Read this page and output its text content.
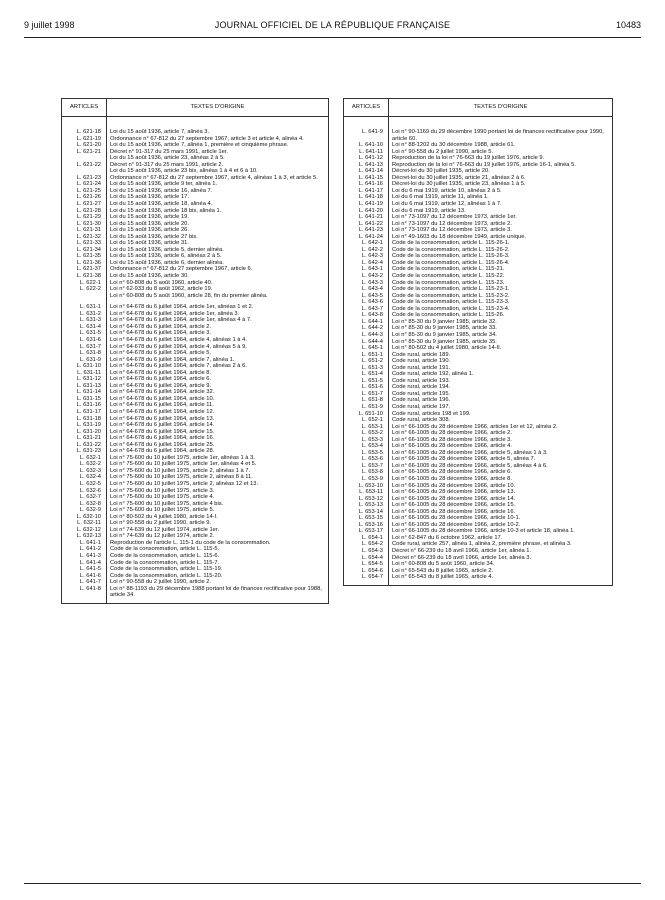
9 juillet 1998	JOURNAL OFFICIEL DE LA RÉPUBLIQUE FRANÇAISE	10483
ARTICLES	TEXTES D'ORIGINE
L. 621-18	Loi du 15 août 1936, article 7, alinéa 3.
L. 621-19	Ordonnance n° 67-812 du 27 septembre 1967, article 3 et article 4, alinéa 4.
L. 621-20	Loi du 15 août 1936, article 7, alinéa 1, première et cinquième phrase.
L. 621-21	Décret n° 91-317 du 25 mars 1991, article 1er.
	Loi du 15 août 1936, article 23, alinéas 2 à 5.
L. 621-22	Décret n° 91-317 du 25 mars 1991, article 2.
	Loi du 15 août 1936, article 23 bis, alinéas 1 à 4 et 6 à 10.
L. 621-23	Ordonnance n° 67-812 du 27 septembre 1967, article 4, alinéas 1 à 3, et article 5.
L. 621-24	Loi du 15 août 1936, article 9 ter, alinéa 1.
L. 621-25	Loi du 15 août 1936, article 16, alinéa 7.
L. 621-26	Loi du 15 août 1936, article 17.
L. 621-27	Loi du 15 août 1936, article 18, alinéa 4.
L. 621-28	Loi du 15 août 1936, article 18 bis, alinéa 1.
L. 621-29	Loi du 15 août 1936, article 19.
L. 621-30	Loi du 15 août 1936, article 20.
L. 621-31	Loi du 15 août 1936, article 26.
L. 621-32	Loi du 15 août 1936, article 27 bis.
L. 621-33	Loi du 15 août 1936, article 31.
L. 621-34	Loi du 15 août 1936, article 5, dernier alinéa.
L. 621-35	Loi du 15 août 1936, article 6, alinéas 2 à 5.
L. 621-36	Loi du 15 août 1936, article 6, dernier alinéa.
L. 621-37	Ordonnance n° 67-812 du 27 septembre 1967, article 6.
L. 621-38	Loi du 15 août 1936, article 30.
L. 622-1	Loi n° 60-808 du 5 août 1960, article 40.
L. 622-2	Loi n° 62-933 du 8 août 1962, article 19.
	Loi n° 60-808 du 5 août 1960, article 28, fin du premier alinéa.
L. 631-1	Loi n° 64-678 du 6 juillet 1964, article 1er, alinéas 1 et 2.
L. 631-2	Loi n° 64-678 du 6 juillet 1964, article 1er, alinéa 3.
L. 631-3	Loi n° 64-678 du 6 juillet 1964, article 1er, alinéas 4 à 7.
L. 631-4	Loi n° 64-678 du 6 juillet 1964, article 2.
L. 631-5	Loi n° 64-678 du 6 juillet 1964, article 3.
L. 631-6	Loi n° 64-678 du 6 juillet 1964, article 4, alinéas 1 à 4.
L. 631-7	Loi n° 64-678 du 6 juillet 1964, article 4, alinéas 5 à 9.
L. 631-8	Loi n° 64-678 du 6 juillet 1964, article 5.
L. 631-9	Loi n° 64-678 du 6 juillet 1964, article 7, alinéa 1.
L. 631-10	Loi n° 64-678 du 6 juillet 1964, article 7, alinéas 2 à 6.
L. 631-11	Loi n° 64-678 du 6 juillet 1964, article 8.
L. 631-12	Loi n° 64-678 du 6 juillet 1964, article 6.
L. 631-13	Loi n° 64-678 du 6 juillet 1964, article 9.
L. 631-14	Loi n° 64-678 du 6 juillet 1964, article 32.
L. 631-15	Loi n° 64-678 du 6 juillet 1964, article 10.
L. 631-16	Loi n° 64-678 du 6 juillet 1964, article 11.
L. 631-17	Loi n° 64-678 du 6 juillet 1964, article 12.
L. 631-18	Loi n° 64-678 du 6 juillet 1964, article 13.
L. 631-19	Loi n° 64-678 du 6 juillet 1964, article 14.
L. 631-20	Loi n° 64-678 du 6 juillet 1964, article 15.
L. 631-21	Loi n° 64-678 du 6 juillet 1964, article 16.
L. 631-22	Loi n° 64-678 du 6 juillet 1964, article 25.
L. 631-23	Loi n° 64-678 du 6 juillet 1964, article 28.
L. 632-1	Loi n° 75-600 du 10 juillet 1975, article 1er, alinéas 1 à 3.
L. 632-2	Loi n° 75-600 du 10 juillet 1975, article 1er, alinéas 4 et 5.
L. 632-3	Loi n° 75-600 du 10 juillet 1975, article 2, alinéas 1 à 7.
L. 632-4	Loi n° 75-600 du 10 juillet 1975, article 2, alinéas 8 à 11.
L. 632-5	Loi n° 75-600 du 10 juillet 1975, article 2, alinéas 12 et 13.
L. 632-6	Loi n° 75-600 du 10 juillet 1975, article 3.
L. 632-7	Loi n° 75-600 du 10 juillet 1975, article 4.
L. 632-8	Loi n° 75-600 du 10 juillet 1975, article 4 bis.
L. 632-9	Loi n° 75-600 du 10 juillet 1975, article 5.
L. 632-10	Loi n° 80-502 du 4 juillet 1980, article 14-I.
L. 632-11	Loi n° 90-558 du 2 juillet 1990, article 9.
L. 632-12	Loi n° 74-639 du 12 juillet 1974, article 1er.
L. 632-13	Loi n° 74-639 du 12 juillet 1974, article 2.
L. 641-1	Reproduction de l'article L. 115-1 du code de la consommation.
L. 641-2	Code de la consommation, article L. 115-5.
L. 641-3	Code de la consommation, article L. 115-6.
L. 641-4	Code de la consommation, article L. 115-7.
L. 641-5	Code de la consommation, article L. 115-19.
L. 641-6	Code de la consommation, article L. 115-20.
L. 641-7	Loi n° 90-558 du 2 juillet 1990, article 2.
L. 641-8	Loi n° 88-1193 du 29 décembre 1988 portant loi de finances rectificative pour 1988, article 34.
ARTICLES	TEXTES D'ORIGINE
L. 641-9	Loi n° 90-1169 du 29 décembre 1990 portant loi de finances rectificative pour 1990, article 60.
L. 641-10	Loi n° 88-1202 du 30 décembre 1988, article 61.
L. 641-11	Loi n° 90-558 du 2 juillet 1990, article 5.
L. 641-12	Reproduction de la loi n° 76-663 du 19 juillet 1976, article 9.
L. 641-13	Reproduction de la loi n° 76-663 du 19 juillet 1976, article 16-1, alinéa 5.
L. 641-14	Décret-loi du 30 juillet 1935, article 20.
L. 641-15	Décret-loi du 30 juillet 1935, article 21, alinéas 2 à 6.
L. 641-16	Décret-loi du 30 juillet 1935, article 23, alinéas 1 à 5.
L. 641-17	Loi du 6 mai 1919, article 10, alinéas 2 à 5.
L. 641-18	Loi du 6 mai 1919, article 11, alinéa 1.
L. 641-19	Loi du 6 mai 1919, article 12, alinéas 1 à 7.
L. 641-20	Loi du 6 mai 1919, article 13.
L. 641-21	Loi n° 73-1097 du 12 décembre 1973, article 1er.
L. 641-22	Loi n° 73-1097 du 12 décembre 1973, article 2.
L. 641-23	Loi n° 73-1097 du 12 décembre 1973, article 3.
L. 641-24	Loi n° 49-1603 du 18 décembre 1949, article unique.
L. 642-1	Code de la consommation, article L. 115-26-1.
L. 642-2	Code de la consommation, article L. 115-26-2.
L. 642-3	Code de la consommation, article L. 115-26-3.
L. 642-4	Code de la consommation, article L. 115-26-4.
L. 643-1	Code de la consommation, article L. 115-21.
L. 643-2	Code de la consommation, article L. 115-22.
L. 643-3	Code de la consommation, article L. 115-23.
L. 643-4	Code de la consommation, article L. 115-23-1.
L. 643-5	Code de la consommation, article L. 115-23-2.
L. 643-6	Code de la consommation, article L. 115-23-3.
L. 643-7	Code de la consommation, article L. 115-23-4.
L. 643-8	Code de la consommation, article L. 115-26.
L. 644-1	Loi n° 85-30 du 9 janvier 1985, article 32.
L. 644-2	Loi n° 85-30 du 9 janvier 1985, article 33.
L. 644-3	Loi n° 85-30 du 9 janvier 1985, article 34.
L. 644-4	Loi n° 85-30 du 9 janvier 1985, article 35.
L. 645-1	Loi n° 80-502 du 4 juillet 1980, article 14-II.
L. 651-1	Code rural, article 189.
L. 651-2	Code rural, article 190.
L. 651-3	Code rural, article 191.
L. 651-4	Code rural, article 192, alinéa 1.
L. 651-5	Code rural, article 193.
L. 651-6	Code rural, article 194.
L. 651-7	Code rural, article 195.
L. 651-8	Code rural, article 196.
L. 651-9	Code rural, article 197.
L. 651-10	Code rural, articles 198 et 199.
L. 652-1	Code rural, article 308.
L. 653-1	Loi n° 66-1005 du 28 décembre 1966, articles 1er et 12, alinéa 2.
L. 653-2	Loi n° 66-1005 du 28 décembre 1966, article 2.
L. 653-3	Loi n° 66-1005 du 28 décembre 1966, article 3.
L. 653-4	Loi n° 66-1005 du 28 décembre 1966, article 4.
L. 653-5	Loi n° 66-1005 du 28 décembre 1966, article 5, alinéas 1 à 3.
L. 653-6	Loi n° 66-1005 du 28 décembre 1966, article 5, alinéa 7.
L. 653-7	Loi n° 66-1005 du 28 décembre 1966, article 5, alinéas 4 à 6.
L. 653-8	Loi n° 66-1005 du 28 décembre 1966, article 6.
L. 653-9	Loi n° 66-1005 du 28 décembre 1966, article 8.
L. 653-10	Loi n° 66-1005 du 28 décembre 1966, article 10.
L. 653-11	Loi n° 66-1005 du 28 décembre 1966, article 13.
L. 653-12	Loi n° 66-1005 du 28 décembre 1966, article 14.
L. 653-13	Loi n° 66-1005 du 28 décembre 1966, article 15.
L. 653-14	Loi n° 66-1005 du 28 décembre 1966, article 16.
L. 653-15	Loi n° 66-1005 du 28 décembre 1966, article 10-1.
L. 653-16	Loi n° 66-1005 du 28 décembre 1966, article 10-2.
L. 653-17	Loi n° 66-1005 du 28 décembre 1966, article 10-3 et article 18, alinéa 1.
L. 654-1	Loi n° 62-847 du 6 octobre 1962, article 17.
L. 654-2	Code rural, article 257, alinéa 1, alinéa 2, première phrase, et alinéa 3.
L. 654-3	Décret n° 66-239 du 18 avril 1966, article 1er, alinéa 1.
L. 654-4	Décret n° 66-239 du 18 avril 1966, article 1er, alinéa 3.
L. 654-5	Loi n° 60-808 du 5 août 1960, article 34.
L. 654-6	Loi n° 65-543 du 8 juillet 1965, article 2.
L. 654-7	Loi n° 65-543 du 8 juillet 1965, article 4.
